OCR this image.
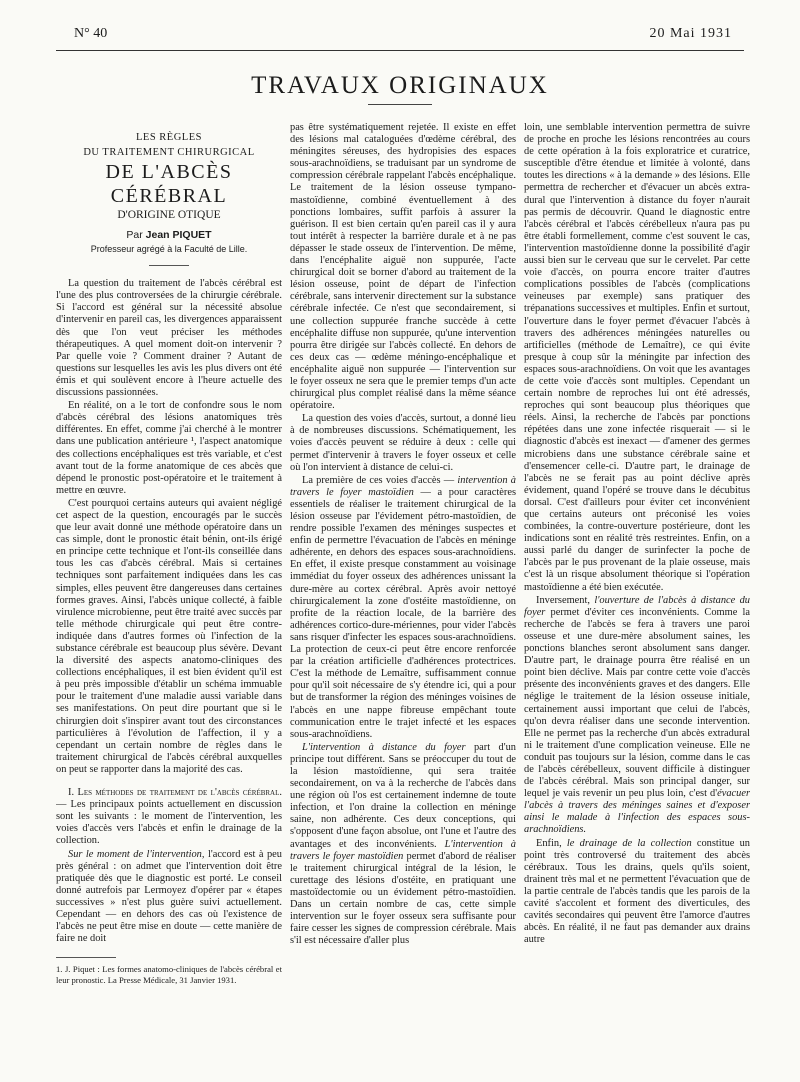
N° 40	20 Mai 1931
TRAVAUX ORIGINAUX
LES RÈGLES
DU TRAITEMENT CHIRURGICAL
DE L'ABCÈS CÉRÉBRAL
D'ORIGINE OTIQUE
Par Jean PIQUET
Professeur agrégé à la Faculté de Lille.

La question du traitement de l'abcès cérébral est l'une des plus controversées de la chirurgie cérébrale. Si l'accord est général sur la nécessité absolue d'intervenir en pareil cas, les divergences apparaissent dès que l'on veut préciser les méthodes thérapeutiques. A quel moment doit-on intervenir ? Par quelle voie ? Comment drainer ? Autant de questions sur lesquelles les avis les plus divers ont été émis et qui soulèvent encore à l'heure actuelle des discussions passionnées.

En réalité, on a le tort de confondre sous le nom d'abcès cérébral des lésions anatomiques très différentes. En effet, comme j'ai cherché à le montrer dans une publication antérieure ¹, l'aspect anatomique des collections encéphaliques est très variable, et c'est avant tout de la forme anatomique de ces abcès que dépend le pronostic post-opératoire et le traitement à mettre en œuvre.

C'est pourquoi certains auteurs qui avaient négligé cet aspect de la question, encouragés par le succès que leur avait donné une méthode opératoire dans un cas simple, dont le pronostic était bénin, ont-ils érigé en principe cette technique et l'ont-ils conseillée dans tous les cas d'abcès cérébral. Mais si certaines techniques sont parfaitement indiquées dans les cas simples, elles peuvent être dangereuses dans certaines formes graves. Ainsi, l'abcès unique collecté, à faible virulence microbienne, peut être traité avec succès par telle méthode chirurgicale qui peut être contre-indiquée dans d'autres formes où l'infection de la substance cérébrale est beaucoup plus sévère. Devant la diversité des aspects anatomo-cliniques des collections encéphaliques, il est bien évident qu'il est à peu près impossible d'établir un schéma immuable pour le traitement d'une maladie aussi variable dans ses manifestations. On peut dire pourtant que si le chirurgien doit s'inspirer avant tout des circonstances particulières à l'évolution de l'affection, il y a cependant un certain nombre de règles dans le traitement chirurgical de l'abcès cérébral auxquelles on peut se rapporter dans la majorité des cas.

I. Les méthodes de traitement de l'abcès cérébral. — Les principaux points actuellement en discussion sont les suivants : le moment de l'intervention, les voies d'accès vers l'abcès et enfin le drainage de la collection.

Sur le moment de l'intervention, l'accord est à peu près général : on admet que l'intervention doit être pratiquée dès que le diagnostic est porté. Le conseil donné autrefois par Lermoyez d'opérer par « étapes successives » n'est plus guère suivi actuellement. Cependant — en dehors des cas où l'existence de l'abcès ne peut être mise en doute — cette manière de faire ne doit

1. J. Piquet : Les formes anatomo-cliniques de l'abcès cérébral et leur pronostic. La Presse Médicale, 31 Janvier 1931.

pas être systématiquement rejetée. Il existe en effet des lésions mal cataloguées d'œdème cérébral, des méningites séreuses, des hydropisies des espaces sous-arachnoïdiens, se traduisant par un syndrome de compression cérébrale rappelant l'abcès encéphalique. Le traitement de la lésion osseuse tympano-mastoïdienne, combiné éventuellement à des ponctions lombaires, suffit parfois à assurer la guérison. Il est bien certain qu'en pareil cas il y aura tout intérêt à respecter la barrière durale et à ne pas dépasser le stade osseux de l'intervention. De même, dans l'encéphalite aiguë non suppurée, l'acte chirurgical doit se borner d'abord au traitement de la lésion osseuse, point de départ de l'infection cérébrale, sans intervenir directement sur la substance cérébrale infectée. Ce n'est que secondairement, si une collection suppurée franche succède à cette encéphalite diffuse non suppurée, qu'une intervention pourra être dirigée sur l'abcès collecté. En dehors de ces deux cas — œdème méningo-encéphalique et encéphalite aiguë non suppurée — l'intervention sur le foyer osseux ne sera que le premier temps d'un acte chirurgical plus complet réalisé dans la même séance opératoire.

La question des voies d'accès, surtout, a donné lieu à de nombreuses discussions. Schématiquement, les voies d'accès peuvent se réduire à deux : celle qui permet d'intervenir à travers le foyer osseux et celle où l'on intervient à distance de celui-ci.

La première de ces voies d'accès — intervention à travers le foyer mastoïdien — a pour caractères essentiels de réaliser le traitement chirurgical de la lésion osseuse par l'évidement pétro-mastoïdien, de rendre possible l'examen des méninges suspectes et enfin de permettre l'évacuation de l'abcès en méninge adhérente, en dehors des espaces sous-arachnoïdiens. En effet, il existe presque constamment au voisinage immédiat du foyer osseux des adhérences unissant la dure-mère au cortex cérébral. Après avoir nettoyé chirurgicalement la zone d'ostéite mastoïdienne, on profite de la réaction locale, de la barrière des adhérences cortico-dure-mériennes, pour vider l'abcès sans risquer d'infecter les espaces sous-arachnoïdiens. La protection de ceux-ci peut être encore renforcée par la création artificielle d'adhérences protectrices. C'est la méthode de Lemaître, suffisamment connue pour qu'il soit nécessaire de s'y étendre ici, qui a pour but de transformer la région des méninges voisines de l'abcès en une nappe fibreuse empêchant toute communication entre le trajet infecté et les espaces sous-arachnoïdiens.

L'intervention à distance du foyer part d'un principe tout différent. Sans se préoccuper du tout de la lésion mastoïdienne, qui sera traitée secondairement, on va à la recherche de l'abcès dans une région où l'os est certainement indemne de toute infection, et l'on draine la collection en méninge saine, non adhérente. Ces deux conceptions, qui s'opposent d'une façon absolue, ont l'une et l'autre des avantages et des inconvénients. L'intervention à travers le foyer mastoïdien permet d'abord de réaliser le traitement chirurgical intégral de la lésion, le curettage des lésions d'ostéite, en pratiquant une mastoïdectomie ou un évidement pétro-mastoïdien. Dans un certain nombre de cas, cette simple intervention sur le foyer osseux sera suffisante pour faire cesser les signes de compression cérébrale. Mais s'il est nécessaire d'aller plus

loin, une semblable intervention permettra de suivre de proche en proche les lésions rencontrées au cours de cette opération à la fois exploratrice et curatrice, susceptible d'être étendue et limitée à volonté, dans toutes les directions « à la demande » des lésions. Elle permettra de rechercher et d'évacuer un abcès extra-dural que l'intervention à distance du foyer n'aurait pas permis de découvrir. Quand le diagnostic entre l'abcès cérébral et l'abcès cérébelleux n'aura pas pu être établi formellement, comme c'est souvent le cas, l'intervention mastoïdienne donne la possibilité d'agir aussi bien sur le cerveau que sur le cervelet. Par cette voie d'accès, on pourra encore traiter d'autres complications possibles de l'abcès (complications veineuses par exemple) sans pratiquer des trépanations successives et multiples. Enfin et surtout, l'ouverture dans le foyer permet d'évacuer l'abcès à travers des adhérences méningées naturelles ou artificielles (méthode de Lemaître), ce qui évite presque à coup sûr la méningite par infection des espaces sous-arachnoïdiens. On voit que les avantages de cette voie d'accès sont multiples. Cependant un certain nombre de reproches lui ont été adressés, reproches qui sont beaucoup plus théoriques que réels. Ainsi, la recherche de l'abcès par ponctions répétées dans une zone infectée risquerait — si le diagnostic d'abcès est inexact — d'amener des germes microbiens dans une substance cérébrale saine et d'ensemencer celle-ci. D'autre part, le drainage de l'abcès ne se ferait pas au point déclive après évidement, quand l'opéré se trouve dans le décubitus dorsal. C'est d'ailleurs pour éviter cet inconvénient que certains auteurs ont préconisé les voies combinées, la contre-ouverture postérieure, dont les indications sont en réalité très restreintes. Enfin, on a aussi parlé du danger de surinfecter la poche de l'abcès par le pus provenant de la plaie osseuse, mais c'est là un risque absolument théorique si l'opération mastoïdienne a été bien exécutée.

Inversement, l'ouverture de l'abcès à distance du foyer permet d'éviter ces inconvénients. Comme la recherche de l'abcès se fera à travers une paroi osseuse et une dure-mère absolument saines, les ponctions blanches seront absolument sans danger. D'autre part, le drainage pourra être réalisé en un point bien déclive. Mais par contre cette voie d'accès présente des inconvénients graves et des dangers. Elle néglige le traitement de la lésion osseuse initiale, certainement aussi important que celui de l'abcès, qu'on devra réaliser dans une seconde intervention. Elle ne permet pas la recherche d'un abcès extradural ni le traitement d'une complication veineuse. Elle ne conduit pas toujours sur la lésion, comme dans le cas de l'abcès cérébelleux, souvent difficile à distinguer de l'abcès cérébral. Mais son principal danger, sur lequel je vais revenir un peu plus loin, c'est d'évacuer l'abcès à travers des méninges saines et d'exposer ainsi le malade à l'infection des espaces sous-arachnoïdiens.

Enfin, le drainage de la collection constitue un point très controversé du traitement des abcès cérébraux. Tous les drains, quels qu'ils soient, drainent très mal et ne permettent l'évacuation que de la partie centrale de l'abcès tandis que les parois de la cavité s'accolent et forment des diverticules, des cavités secondaires qui peuvent être l'amorce d'autres abcès. En réalité, il ne faut pas demander aux drains autre
